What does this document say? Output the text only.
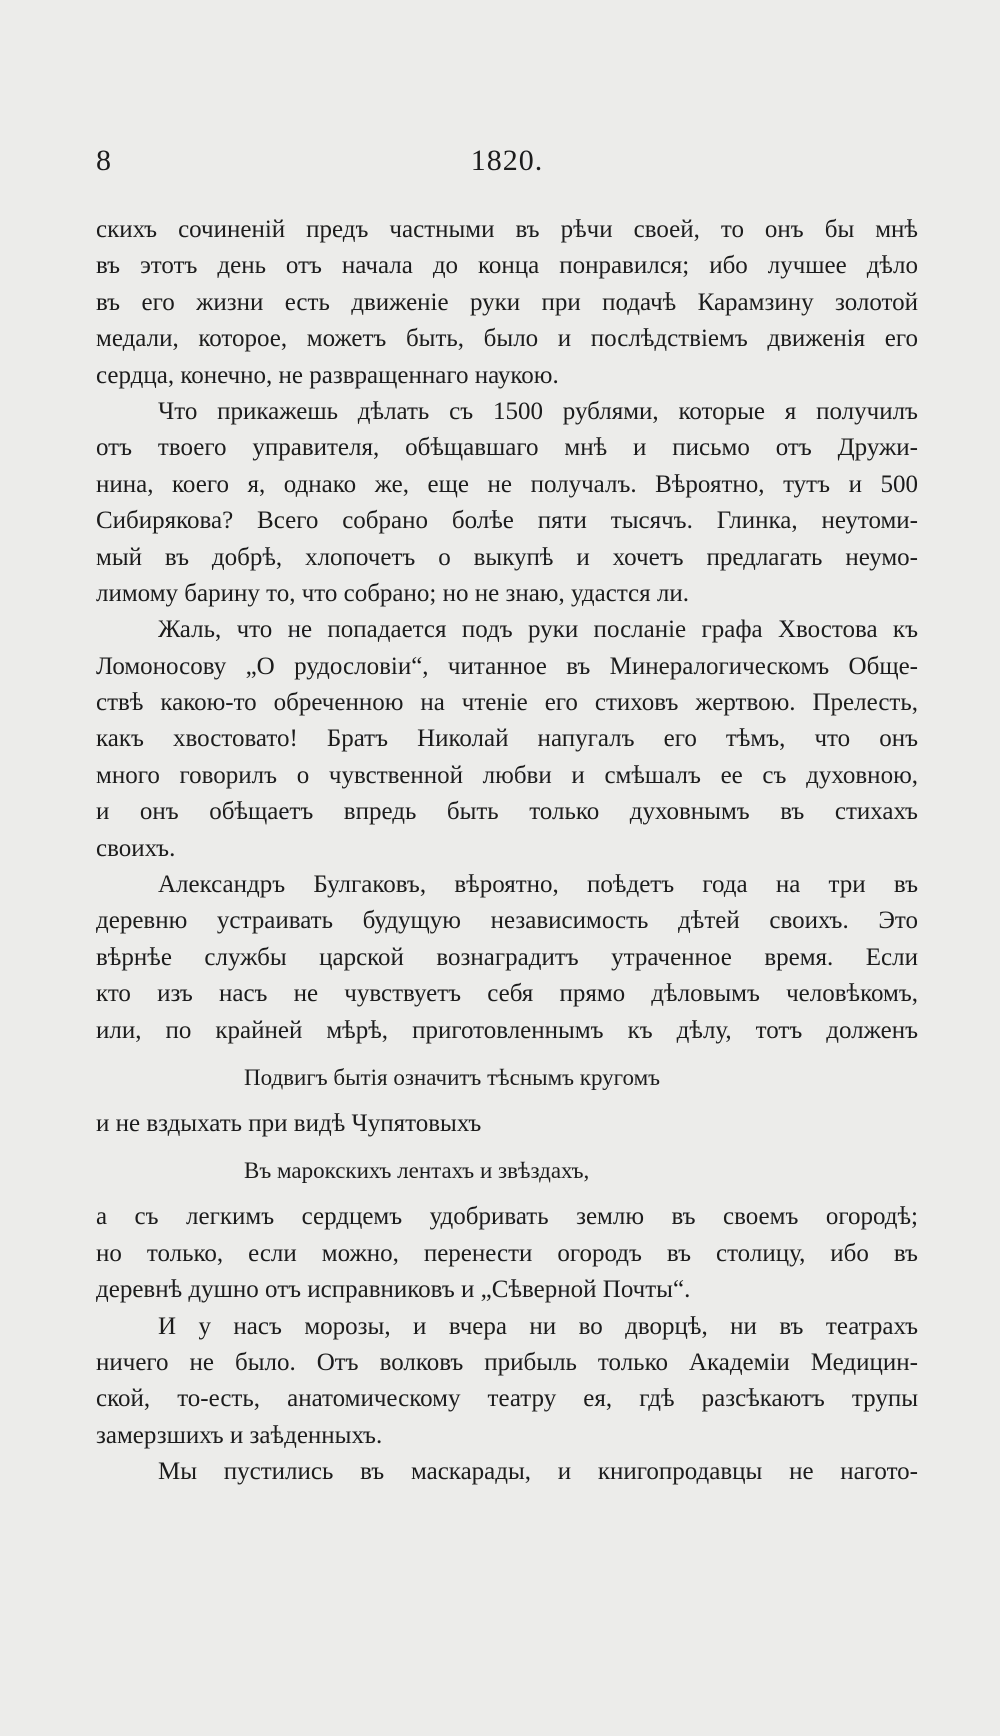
8	1820.
скихъ сочиненій предъ частными въ рѣчи своей, то онъ бы мнѣ
въ этотъ день отъ начала до конца понравился; ибо лучшее дѣло
въ его жизни есть движеніе руки при подачѣ Карамзину золотой
медали, которое, можетъ быть, было и послѣдствіемъ движенія его
сердца, конечно, не развращеннаго наукою.
Что прикажешь дѣлать съ 1500 рублями, которые я получилъ
отъ твоего управителя, обѣщавшаго мнѣ и письмо отъ Дружи-
нина, коего я, однако же, еще не получалъ. Вѣроятно, тутъ и 500
Сибирякова? Всего собрано болѣе пяти тысячъ. Глинка, неутоми-
мый въ добрѣ, хлопочетъ о выкупѣ и хочетъ предлагать неумо-
лимому барину то, что собрано; но не знаю, удастся ли.
Жаль, что не попадается подъ руки посланіе графа Хвостова къ
Ломоносову „О рудословіи“, читанное въ Минералогическомъ Обще-
ствѣ какою-то обреченною на чтеніе его стиховъ жертвою. Прелесть,
какъ хвостовато! Братъ Николай напугалъ его тѣмъ, что онъ
много говорилъ о чувственной любви и смѣшалъ ее съ духовною,
и онъ обѣщаетъ впредь быть только духовнымъ въ стихахъ
своихъ.
Александръ Булгаковъ, вѣроятно, поѣдетъ года на три въ
деревню устраивать будущую независимость дѣтей своихъ. Это
вѣрнѣе службы царской вознаградитъ утраченное время. Если
кто изъ насъ не чувствуетъ себя прямо дѣловымъ человѣкомъ,
или, по крайней мѣрѣ, приготовленнымъ къ дѣлу, тотъ долженъ
Подвигъ бытія означитъ тѣснымъ кругомъ
и не вздыхать при видѣ Чупятовыхъ
Въ марокскихъ лентахъ и звѣздахъ,
а съ легкимъ сердцемъ удобривать землю въ своемъ огородѣ;
но только, если можно, перенести огородъ въ столицу, ибо въ
деревнѣ душно отъ исправниковъ и „Сѣверной Почты“.
И у насъ морозы, и вчера ни во дворцѣ, ни въ театрахъ
ничего не было. Отъ волковъ прибыль только Академіи Медицин-
ской, то-есть, анатомическому театру ея, гдѣ разсѣкаютъ трупы
замерзшихъ и заѣденныхъ.
Мы пустились въ маскарады, и книгопродавцы не нагото-
